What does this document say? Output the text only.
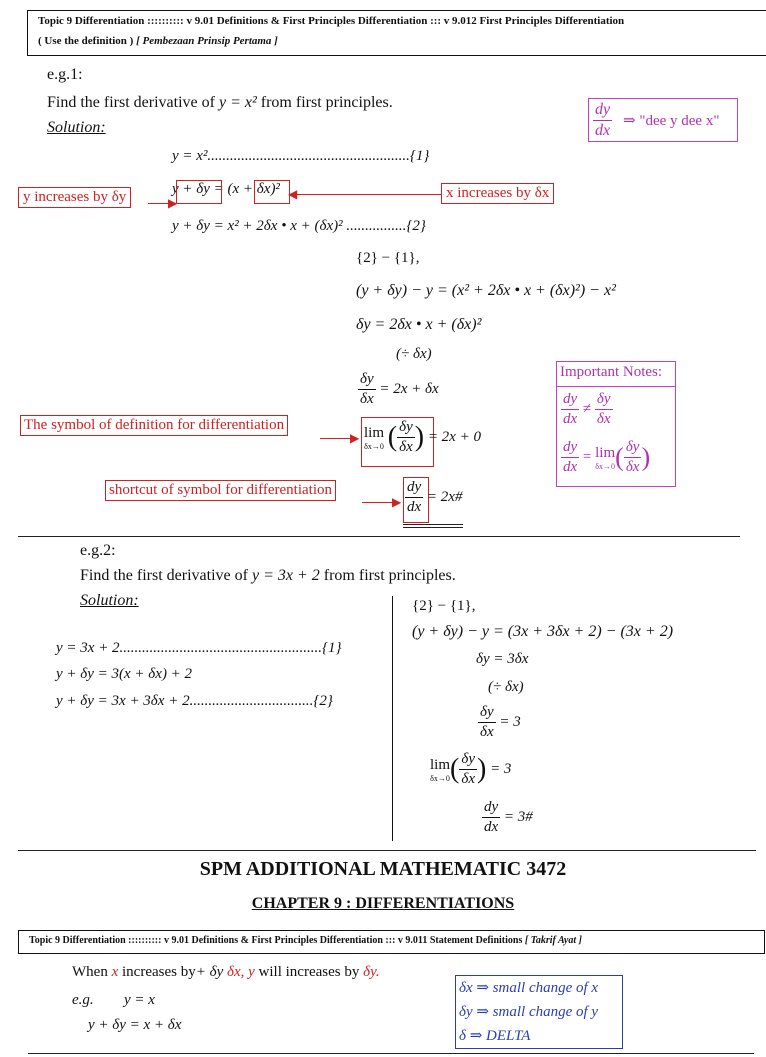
Topic 9 Differentiation :::::::::: v 9.01 Definitions & First Principles Differentiation ::: v 9.012 First Principles Differentiation
( Use the definition ) [ Pembezaan Prinsip Pertama ]
e.g.1:
Find the first derivative of y = x² from first principles.
Solution:	$\frac{dy}{dx}$ ⇒ "dee y dee x"
y = x²......................................................{1}
y + δy = (x + δx)²
y increases by δy	▶
x increases by δx
◀
y + δy = x² + 2δx • x + (δx)² ................{2}
{2} − {1},
(y + δy) − y = (x² + 2δx • x + (δx)²) − x²
δy = 2δx • x + (δx)²
(÷ δx)
$\frac{\delta y}{\delta x} = 2x + \delta x$
The symbol of definition for differentiation
▶ lim
δx→0 ( $\frac{\delta y}{\delta x}$ ) = 2x + 0
shortcut of symbol for differentiation
▶ $\frac{dy}{dx}$ = 2x#
Important Notes:
$\frac{dy}{dx} \ne \frac{\delta y}{\delta x}$
$\frac{dy}{dx} = \lim$
δx→0 ( $\frac{\delta y}{\delta x}$ )
e.g.2:
Find the first derivative of y = 3x + 2 from first principles.
Solution:
y = 3x + 2......................................................{1}
y + δy = 3(x + δx) + 2
y + δy = 3x + 3δx + 2.................................{2}
{2} − {1},
(y + δy) − y = (3x + 3δx + 2) − (3x + 2)
δy = 3δx
(÷ δx)
$\frac{\delta y}{\delta x} = 3$
lim
δx→0 ( $\frac{\delta y}{\delta x}$ ) = 3
$\frac{dy}{dx}$ = 3#
SPM ADDITIONAL MATHEMATIC 3472
CHAPTER 9 : DIFFERENTIATIONS
Topic 9 Differentiation :::::::::: v 9.01 Definitions & First Principles Differentiation ::: v 9.011 Statement Definitions [ Takrif Ayat ]
When x increases by+ δy δx, y will increases by δy.
e.g. y = x
y + δy = x + δx
δx ⇒ small change of x
δy ⇒ small change of y
δ ⇒ DELTA
